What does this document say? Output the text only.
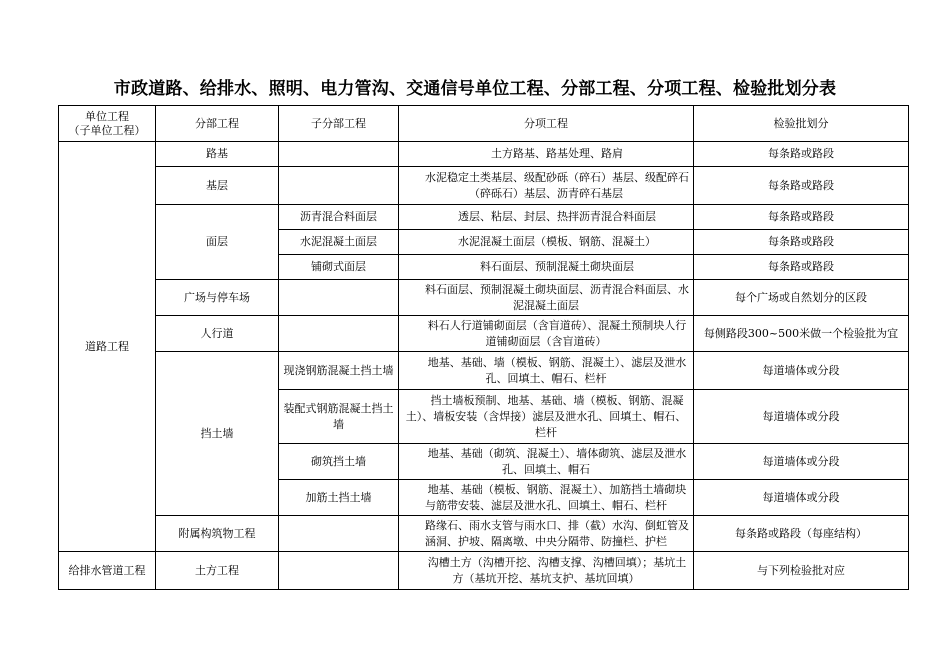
市政道路、给排水、照明、电力管沟、交通信号单位工程、分部工程、分项工程、检验批划分表
单位工程
（子单位工程）	分部工程	子分部工程	分项工程	检验批划分
道路工程	路基		土方路基、路基处理、路肩	每条路或路段
	基层		水泥稳定土类基层、级配砂砾（碎石）基层、级配碎石（碎砾石）基层、沥青碎石基层	每条路或路段
	面层	沥青混合料面层	透层、粘层、封层、热拌沥青混合料面层	每条路或路段
		水泥混凝土面层	水泥混凝土面层（模板、钢筋、混凝土）	每条路或路段
		铺砌式面层	料石面层、预制混凝土砌块面层	每条路或路段
	广场与停车场		料石面层、预制混凝土砌块面层、沥青混合料面层、水泥混凝土面层	每个广场或自然划分的区段
	人行道		料石人行道铺砌面层（含盲道砖）、混凝土预制块人行道铺砌面层（含盲道砖）	每侧路段300~500米做一个检验批为宜
	挡土墙	现浇钢筋混凝土挡土墙	地基、基础、墙（模板、钢筋、混凝土）、滤层及泄水孔、回填土、帽石、栏杆	每道墙体或分段
		装配式钢筋混凝土挡土墙	挡土墙板预制、地基、基础、墙（模板、钢筋、混凝土）、墙板安装（含焊接）滤层及泄水孔、回填土、帽石、栏杆	每道墙体或分段
		砌筑挡土墙	地基、基础（砌筑、混凝土）、墙体砌筑、滤层及泄水孔、回填土、帽石	每道墙体或分段
		加筋土挡土墙	地基、基础（模板、钢筋、混凝土）、加筋挡土墙砌块与筋带安装、滤层及泄水孔、回填土、帽石、栏杆	每道墙体或分段
	附属构筑物工程		路缘石、雨水支管与雨水口、排（截）水沟、倒虹管及涵洞、护坡、隔离墩、中央分隔带、防撞栏、护栏	每条路或路段（每座结构）
给排水管道工程	土方工程		沟槽土方（沟槽开挖、沟槽支撑、沟槽回填）；基坑土方（基坑开挖、基坑支护、基坑回填）	与下列检验批对应
